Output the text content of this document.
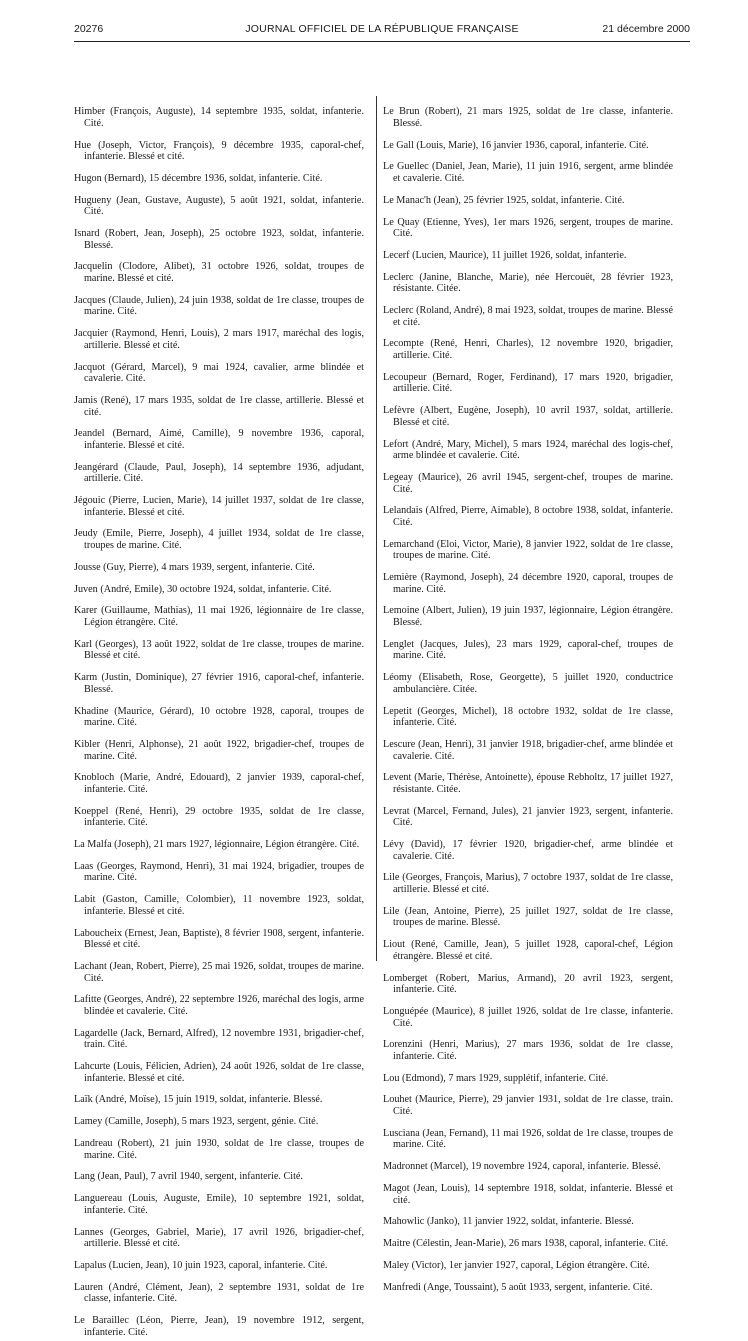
20276	JOURNAL OFFICIEL DE LA RÉPUBLIQUE FRANÇAISE	21 décembre 2000

Himber (François, Auguste), 14 septembre 1935, soldat, infanterie. Cité.

Hue (Joseph, Victor, François), 9 décembre 1935, caporal-chef, infanterie. Blessé et cité.

Hugon (Bernard), 15 décembre 1936, soldat, infanterie. Cité.

Hugueny (Jean, Gustave, Auguste), 5 août 1921, soldat, infanterie. Cité.

Isnard (Robert, Jean, Joseph), 25 octobre 1923, soldat, infanterie. Blessé.

Jacquelin (Clodore, Alibet), 31 octobre 1926, soldat, troupes de marine. Blessé et cité.

Jacques (Claude, Julien), 24 juin 1938, soldat de 1re classe, troupes de marine. Cité.

Jacquier (Raymond, Henri, Louis), 2 mars 1917, maréchal des logis, artillerie. Blessé et cité.

Jacquot (Gérard, Marcel), 9 mai 1924, cavalier, arme blindée et cavalerie. Cité.

Jamis (René), 17 mars 1935, soldat de 1re classe, artillerie. Blessé et cité.

Jeandel (Bernard, Aimé, Camille), 9 novembre 1936, caporal, infanterie. Blessé et cité.

Jeangérard (Claude, Paul, Joseph), 14 septembre 1936, adjudant, artillerie. Cité.

Jégouic (Pierre, Lucien, Marie), 14 juillet 1937, soldat de 1re classe, infanterie. Blessé et cité.

Jeudy (Emile, Pierre, Joseph), 4 juillet 1934, soldat de 1re classe, troupes de marine. Cité.

Jousse (Guy, Pierre), 4 mars 1939, sergent, infanterie. Cité.

Juven (André, Emile), 30 octobre 1924, soldat, infanterie. Cité.

Karer (Guillaume, Mathias), 11 mai 1926, légionnaire de 1re classe, Légion étrangère. Cité.

Karl (Georges), 13 août 1922, soldat de 1re classe, troupes de marine. Blessé et cité.

Karm (Justin, Dominique), 27 février 1916, caporal-chef, infanterie. Blessé.

Khadine (Maurice, Gérard), 10 octobre 1928, caporal, troupes de marine. Cité.

Kibler (Henri, Alphonse), 21 août 1922, brigadier-chef, troupes de marine. Cité.

Knobloch (Marie, André, Edouard), 2 janvier 1939, caporal-chef, infanterie. Cité.

Koeppel (René, Henri), 29 octobre 1935, soldat de 1re classe, infanterie. Cité.

La Malfa (Joseph), 21 mars 1927, légionnaire, Légion étrangère. Cité.

Laas (Georges, Raymond, Henri), 31 mai 1924, brigadier, troupes de marine. Cité.

Labit (Gaston, Camille, Colombier), 11 novembre 1923, soldat, infanterie. Blessé et cité.

Laboucheix (Ernest, Jean, Baptiste), 8 février 1908, sergent, infanterie. Blessé et cité.

Lachant (Jean, Robert, Pierre), 25 mai 1926, soldat, troupes de marine. Cité.

Lafitte (Georges, André), 22 septembre 1926, maréchal des logis, arme blindée et cavalerie. Cité.

Lagardelle (Jack, Bernard, Alfred), 12 novembre 1931, brigadier-chef, train. Cité.

Lahcurte (Louis, Félicien, Adrien), 24 août 1926, soldat de 1re classe, infanterie. Blessé et cité.

Laïk (André, Moïse), 15 juin 1919, soldat, infanterie. Blessé.

Lamey (Camille, Joseph), 5 mars 1923, sergent, génie. Cité.

Landreau (Robert), 21 juin 1930, soldat de 1re classe, troupes de marine. Cité.

Lang (Jean, Paul), 7 avril 1940, sergent, infanterie. Cité.

Languereau (Louis, Auguste, Emile), 10 septembre 1921, soldat, infanterie. Cité.

Lannes (Georges, Gabriel, Marie), 17 avril 1926, brigadier-chef, artillerie. Blessé et cité.

Lapalus (Lucien, Jean), 10 juin 1923, caporal, infanterie. Cité.

Lauren (André, Clément, Jean), 2 septembre 1931, soldat de 1re classe, infanterie. Cité.

Le Baraillec (Léon, Pierre, Jean), 19 novembre 1912, sergent, infanterie. Cité.

Le Brun (Robert), 21 mars 1925, soldat de 1re classe, infanterie. Blessé.

Le Gall (Louis, Marie), 16 janvier 1936, caporal, infanterie. Cité.

Le Guellec (Daniel, Jean, Marie), 11 juin 1916, sergent, arme blindée et cavalerie. Cité.

Le Manac'h (Jean), 25 février 1925, soldat, infanterie. Cité.

Le Quay (Etienne, Yves), 1er mars 1926, sergent, troupes de marine. Cité.

Lecerf (Lucien, Maurice), 11 juillet 1926, soldat, infanterie.

Leclerc (Janine, Blanche, Marie), née Hercouët, 28 février 1923, résistante. Citée.

Leclerc (Roland, André), 8 mai 1923, soldat, troupes de marine. Blessé et cité.

Lecompte (René, Henri, Charles), 12 novembre 1920, brigadier, artillerie. Cité.

Lecoupeur (Bernard, Roger, Ferdinand), 17 mars 1920, brigadier, artillerie. Cité.

Lefèvre (Albert, Eugène, Joseph), 10 avril 1937, soldat, artillerie. Blessé et cité.

Lefort (André, Mary, Michel), 5 mars 1924, maréchal des logis-chef, arme blindée et cavalerie. Cité.

Legeay (Maurice), 26 avril 1945, sergent-chef, troupes de marine. Cité.

Lelandais (Alfred, Pierre, Aimable), 8 octobre 1938, soldat, infanterie. Cité.

Lemarchand (Eloi, Victor, Marie), 8 janvier 1922, soldat de 1re classe, troupes de marine. Cité.

Lemière (Raymond, Joseph), 24 décembre 1920, caporal, troupes de marine. Cité.

Lemoine (Albert, Julien), 19 juin 1937, légionnaire, Légion étrangère. Blessé.

Lenglet (Jacques, Jules), 23 mars 1929, caporal-chef, troupes de marine. Cité.

Léomy (Elisabeth, Rose, Georgette), 5 juillet 1920, conductrice ambulancière. Citée.

Lepetit (Georges, Michel), 18 octobre 1932, soldat de 1re classe, infanterie. Cité.

Lescure (Jean, Henri), 31 janvier 1918, brigadier-chef, arme blindée et cavalerie. Cité.

Levent (Marie, Thérèse, Antoinette), épouse Rebholtz, 17 juillet 1927, résistante. Citée.

Levrat (Marcel, Fernand, Jules), 21 janvier 1923, sergent, infanterie. Cité.

Lévy (David), 17 février 1920, brigadier-chef, arme blindée et cavalerie. Cité.

Lile (Georges, François, Marius), 7 octobre 1937, soldat de 1re classe, artillerie. Blessé et cité.

Lile (Jean, Antoine, Pierre), 25 juillet 1927, soldat de 1re classe, troupes de marine. Blessé.

Liout (René, Camille, Jean), 5 juillet 1928, caporal-chef, Légion étrangère. Blessé et cité.

Lomberget (Robert, Marius, Armand), 20 avril 1923, sergent, infanterie. Cité.

Longuépée (Maurice), 8 juillet 1926, soldat de 1re classe, infanterie. Cité.

Lorenzini (Henri, Marius), 27 mars 1936, soldat de 1re classe, infanterie. Cité.

Lou (Edmond), 7 mars 1929, supplétif, infanterie. Cité.

Louhet (Maurice, Pierre), 29 janvier 1931, soldat de 1re classe, train. Cité.

Lusciana (Jean, Fernand), 11 mai 1926, soldat de 1re classe, troupes de marine. Cité.

Madronnet (Marcel), 19 novembre 1924, caporal, infanterie. Blessé.

Magot (Jean, Louis), 14 septembre 1918, soldat, infanterie. Blessé et cité.

Mahowlic (Janko), 11 janvier 1922, soldat, infanterie. Blessé.

Maitre (Célestin, Jean-Marie), 26 mars 1938, caporal, infanterie. Cité.

Maley (Victor), 1er janvier 1927, caporal, Légion étrangère. Cité.

Manfredi (Ange, Toussaint), 5 août 1933, sergent, infanterie. Cité.
